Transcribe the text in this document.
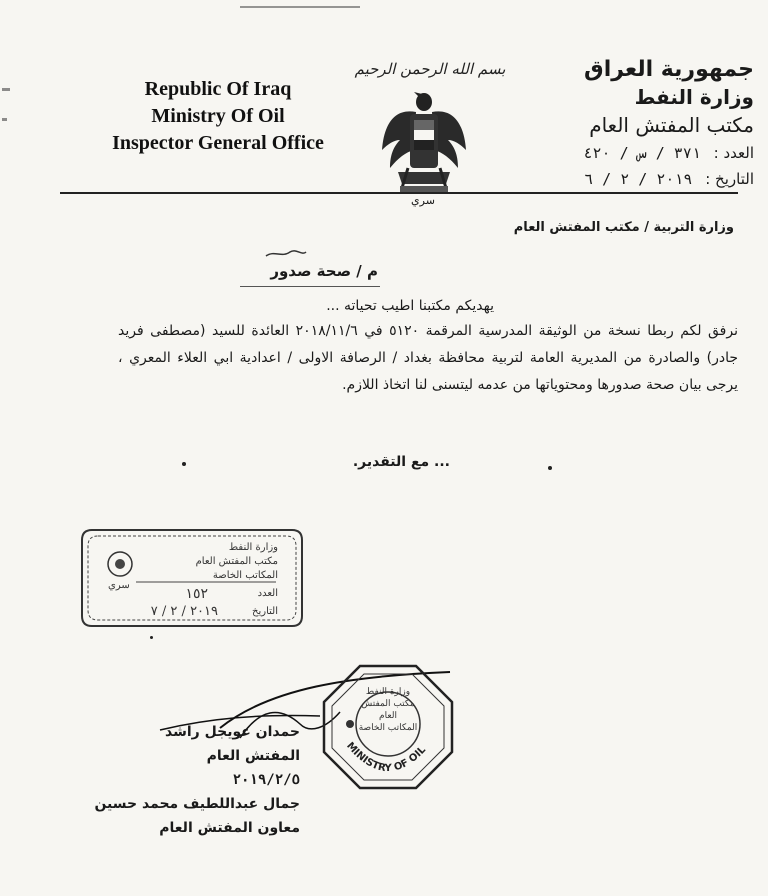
Republic Of Iraq
Ministry Of Oil
Inspector General Office
بسم الله الرحمن الرحيم
سري
جمهورية العراق
وزارة النفط
مكتب المفتش العام
العدد : ٣٧١ / س / ٤٢٠
التاريخ : ٢٠١٩ / ٢ / ٦
وزارة التربية / مكتب المفتش العام
م / صحة صدور
يهديكم مكتبنا اطيب تحياته ...
نرفق لكم ربطا نسخة من الوثيقة المدرسية المرقمة ٥١٢٠ في ٢٠١٨/١١/٦ العائدة للسيد (مصطفى فريد جادر) والصادرة من المديرية العامة لتربية محافظة بغداد / الرصافة الاولى / اعدادية ابي العلاء المعري ، يرجى بيان صحة صدورها ومحتوياتها من عدمه ليتسنى لنا اتخاذ اللازم.
... مع التقدير.
وزارة النفط
مكتب المفتش العام
المكاتب الخاصة
سري
العدد
١٥٢
التاريخ
٢٠١٩ / ٢ / ٧
MINISTRY OF OIL
وزارة النفط
مكتب المفتش العام
المكاتب الخاصة
حمدان عويجل راشد
المفتش العام
٢٠١٩/٢/٥
جمال عبداللطيف محمد حسين
معاون المفتش العام
